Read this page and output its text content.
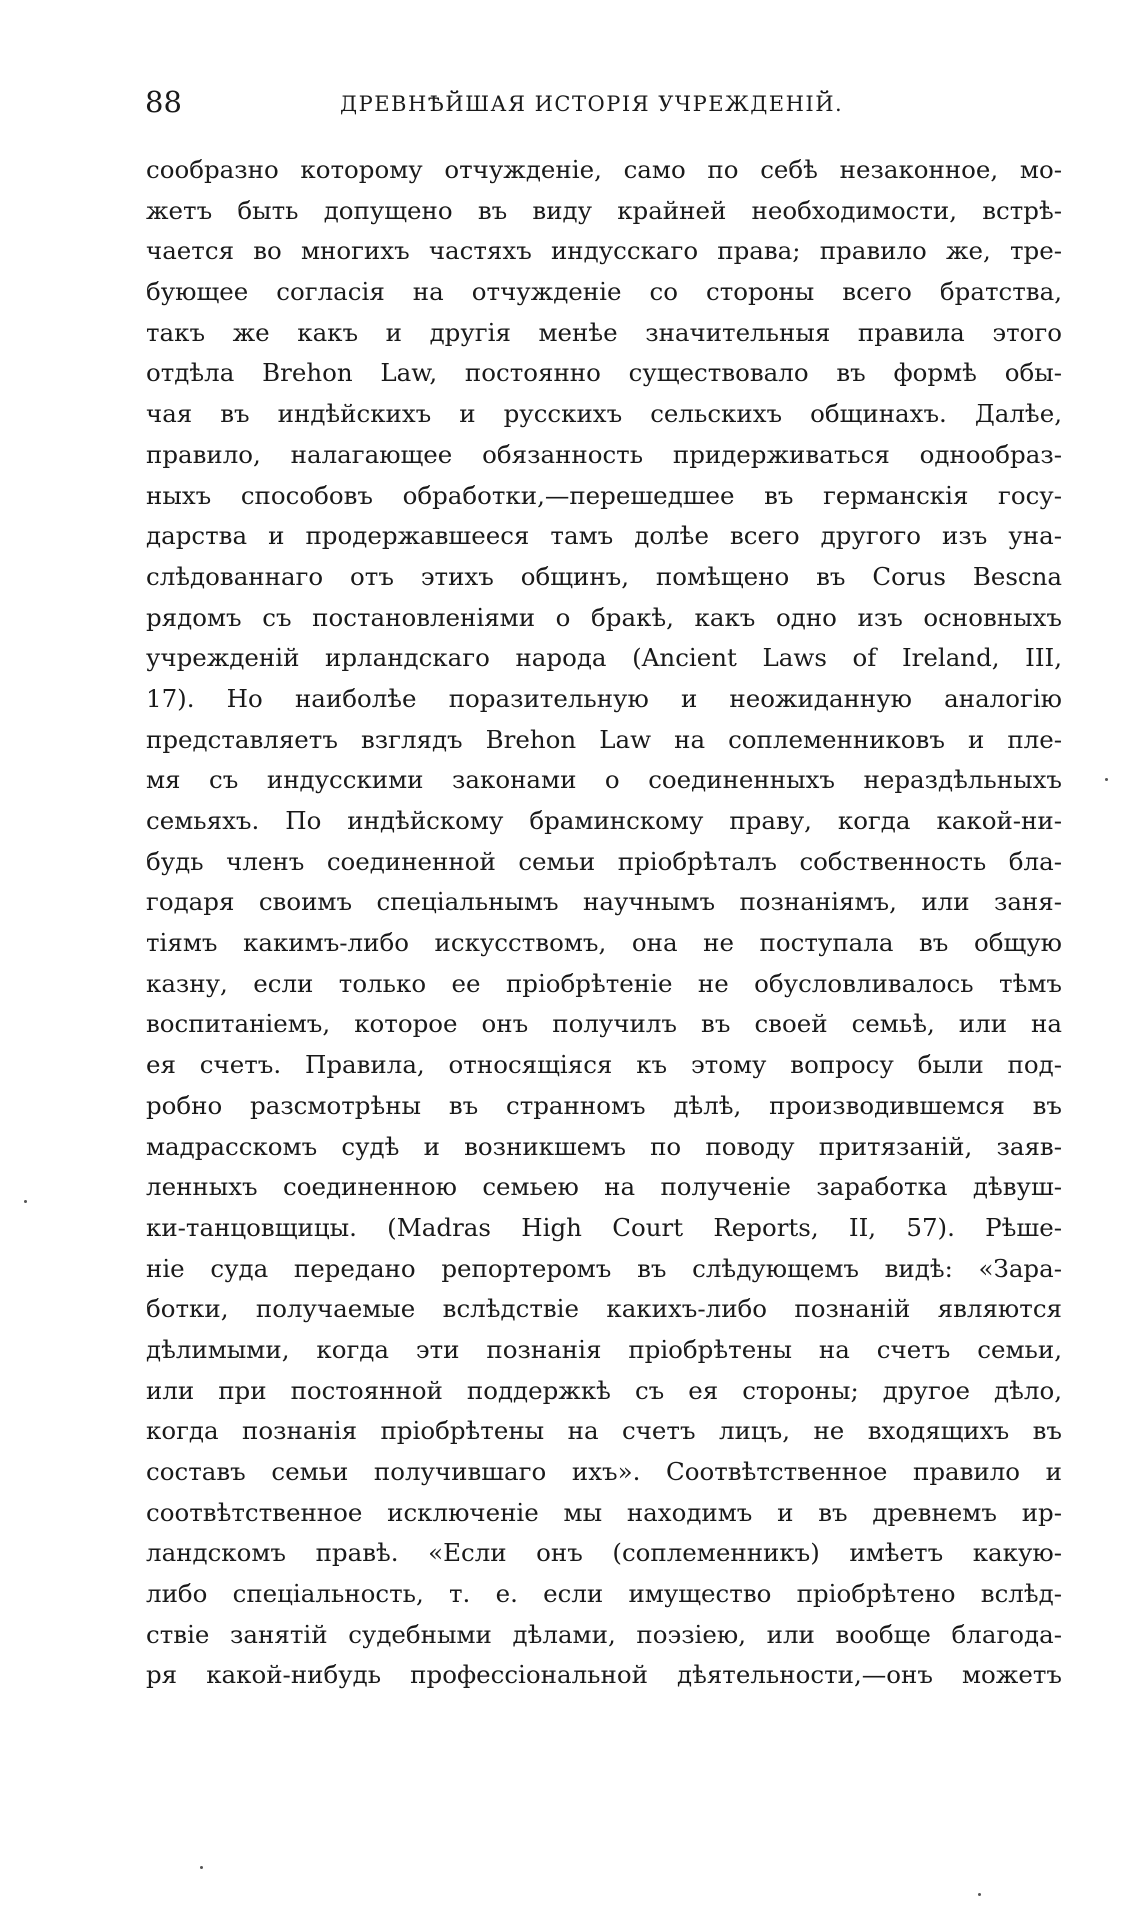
88	ДРЕВНѢЙШАЯ ИСТОРІЯ УЧРЕЖДЕНІЙ.
сообразно которому отчужденіе, само по себѣ незаконное, мо-
жетъ быть допущено въ виду крайней необходимости, встрѣ-
чается во многихъ частяхъ индусскаго права; правило же, тре-
бующее согласія на отчужденіе со стороны всего братства,
такъ же какъ и другія менѣе значительныя правила этого
отдѣла Brehon Law, постоянно существовало въ формѣ обы-
чая въ индѣйскихъ и русскихъ сельскихъ общинахъ. Далѣе,
правило, налагающее обязанность придерживаться однообраз-
ныхъ способовъ обработки,—перешедшее въ германскія госу-
дарства и продержавшееся тамъ долѣе всего другого изъ уна-
слѣдованнаго отъ этихъ общинъ, помѣщено въ Corus Bescna
рядомъ съ постановленіями о бракѣ, какъ одно изъ основныхъ
учрежденій ирландскаго народа (Ancient Laws of Ireland, III,
17). Но наиболѣе поразительную и неожиданную аналогію
представляетъ взглядъ Brehon Law на соплеменниковъ и пле-
мя съ индусскими законами о соединенныхъ нераздѣльныхъ
семьяхъ. По индѣйскому браминскому праву, когда какой-ни-
будь членъ соединенной семьи пріобрѣталъ собственность бла-
годаря своимъ спеціальнымъ научнымъ познаніямъ, или заня-
тіямъ какимъ-либо искусствомъ, она не поступала въ общую
казну, если только ее пріобрѣтеніе не обусловливалось тѣмъ
воспитаніемъ, которое онъ получилъ въ своей семьѣ, или на
ея счетъ. Правила, относящіяся къ этому вопросу были под-
робно разсмотрѣны въ странномъ дѣлѣ, производившемся въ
мадрасскомъ судѣ и возникшемъ по поводу притязаній, заяв-
ленныхъ соединенною семьею на полученіе заработка дѣвуш-
ки-танцовщицы. (Madras High Court Reports, II, 57). Рѣше-
ніе суда передано репортеромъ въ слѣдующемъ видѣ: «Зара-
ботки, получаемые вслѣдствіе какихъ-либо познаній являются
дѣлимыми, когда эти познанія пріобрѣтены на счетъ семьи,
или при постоянной поддержкѣ съ ея стороны; другое дѣло,
когда познанія пріобрѣтены на счетъ лицъ, не входящихъ въ
составъ семьи получившаго ихъ». Соотвѣтственное правило и
соотвѣтственное исключеніе мы находимъ и въ древнемъ ир-
ландскомъ правѣ. «Если онъ (соплеменникъ) имѣетъ какую-
либо спеціальность, т. е. если имущество пріобрѣтено вслѣд-
ствіе занятій судебными дѣлами, поэзіею, или вообще благода-
ря какой-нибудь профессіональной дѣятельности,—онъ можетъ
